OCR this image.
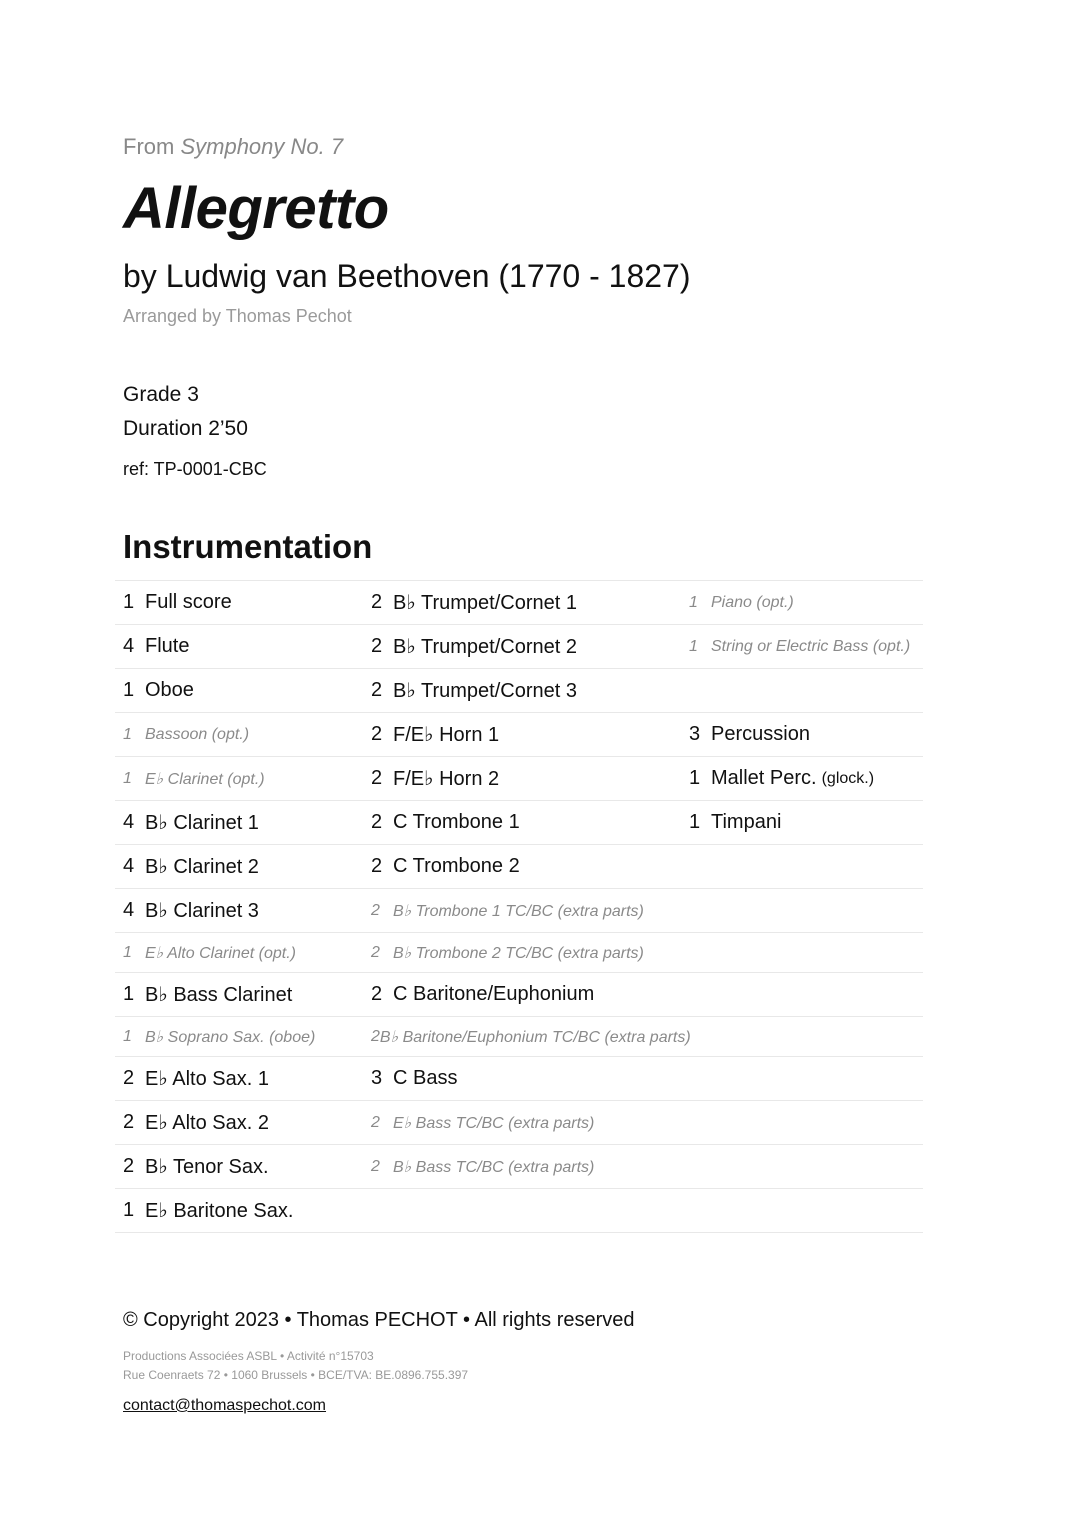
From Symphony No. 7
Allegretto
by Ludwig van Beethoven (1770 - 1827)
Arranged by Thomas Pechot
Grade 3
Duration 2’50
ref: TP-0001-CBC
Instrumentation
1 Full score	2 B♭ Trumpet/Cornet 1	1 Piano (opt.)
4 Flute	2 B♭ Trumpet/Cornet 2	1 String or Electric Bass (opt.)
1 Oboe	2 B♭ Trumpet/Cornet 3
1 Bassoon (opt.)	2 F/E♭ Horn 1	3 Percussion
1 E♭ Clarinet (opt.)	2 F/E♭ Horn 2	1 Mallet Perc. (glock.)
4 B♭ Clarinet 1	2 C Trombone 1	1 Timpani
4 B♭ Clarinet 2	2 C Trombone 2
4 B♭ Clarinet 3	2 B♭ Trombone 1 TC/BC (extra parts)
1 E♭ Alto Clarinet (opt.)	2 B♭ Trombone 2 TC/BC (extra parts)
1 B♭ Bass Clarinet	2 C Baritone/Euphonium
1 B♭ Soprano Sax. (oboe)	2 B♭ Baritone/Euphonium TC/BC (extra parts)
2 E♭ Alto Sax. 1	3 C Bass
2 E♭ Alto Sax. 2	2 E♭ Bass TC/BC (extra parts)
2 B♭ Tenor Sax.	2 B♭ Bass TC/BC (extra parts)
1 E♭ Baritone Sax.
© Copyright 2023 • Thomas PECHOT • All rights reserved
Productions Associées ASBL • Activité n°15703
Rue Coenraets 72 • 1060 Brussels • BCE/TVA: BE.0896.755.397
contact@thomaspechot.com
